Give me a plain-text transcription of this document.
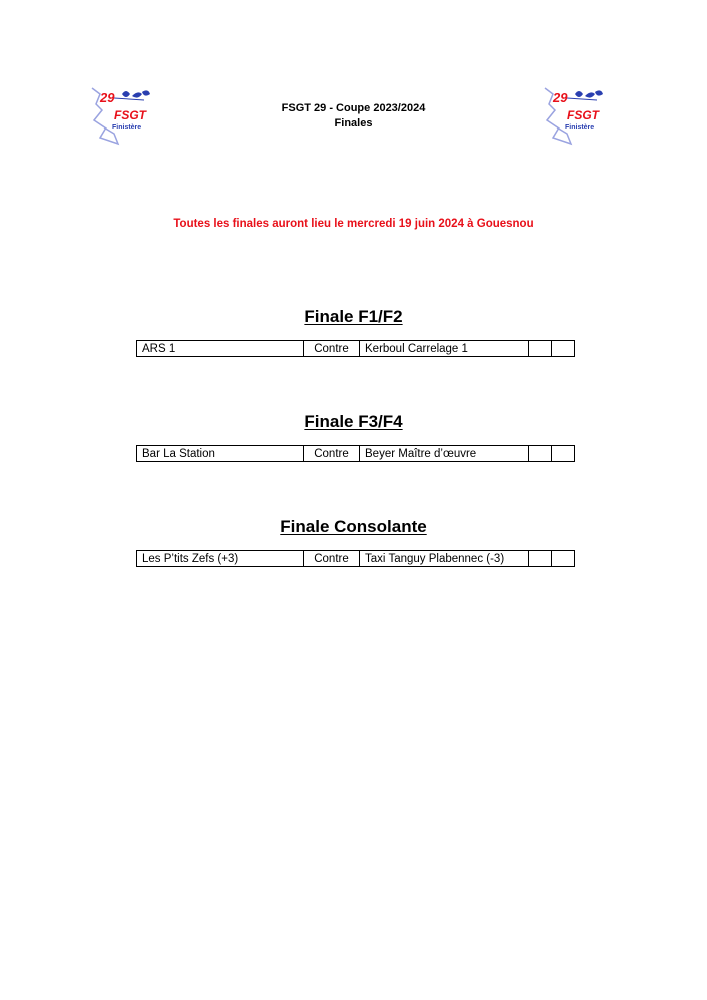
29
FSGT
Finistère
29
FSGT
Finistère
FSGT 29 - Coupe 2023/2024
Finales
Toutes les finales auront lieu le mercredi 19 juin 2024 à Gouesnou
Finale F1/F2
ARS 1	Contre	Kerboul Carrelage 1		
Finale F3/F4
Bar La Station	Contre	Beyer Maître d’œuvre		
Finale Consolante
Les P’tits Zefs (+3)	Contre	Taxi Tanguy Plabennec (-3)		
